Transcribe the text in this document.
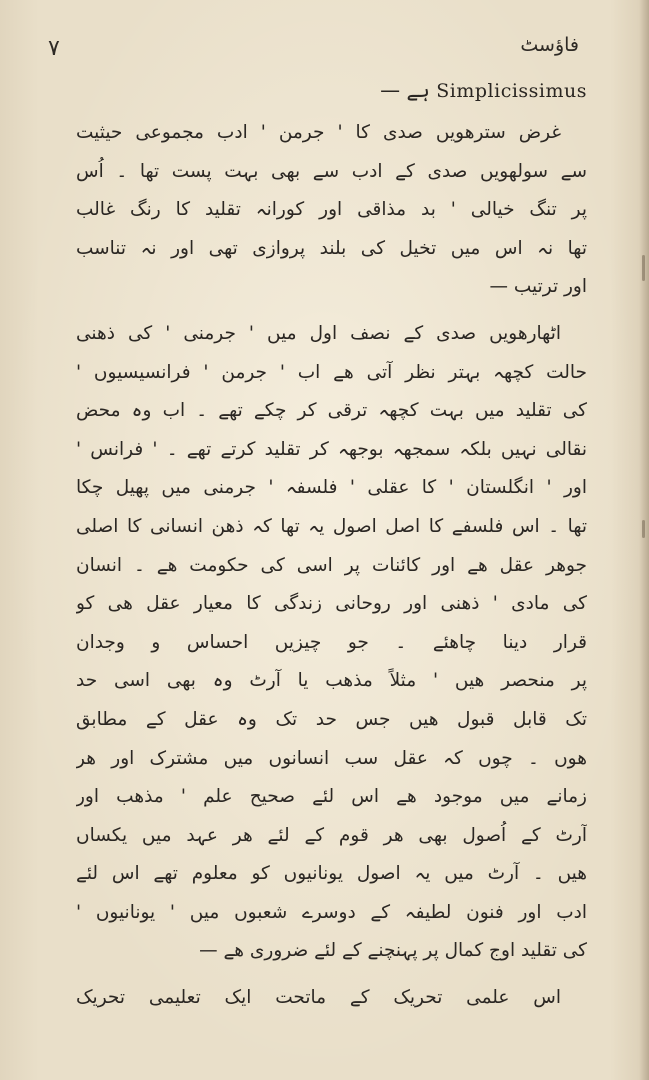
۷	فاؤسٹ
Simplicissimus ہے —
غرض سترھویں صدی کا ' جرمن ' ادب مجموعی حیثیت
سے سولھویں صدی کے ادب سے بھی بہت پست تھا ۔ اُس
پر تنگ خیالی ' بد مذاقی اور کورانہ تقلید کا رنگ غالب
تھا نہ اس میں تخیل کی بلند پروازی تھی اور نہ تناسب
اور ترتیب —
اٹھارھویں صدی کے نصف اول میں ' جرمنی ' کی ذھنی
حالت کچھہ بہتر نظر آتی ھے اب ' جرمن ' فرانسیسیوں '
کی تقلید میں بہت کچھہ ترقی کر چکے تھے ۔ اب وہ محض
نقالی نہیں بلکہ سمجھہ بوجھہ کر تقلید کرتے تھے ۔ ' فرانس '
اور ' انگلستان ' کا عقلی ' فلسفہ ' جرمنی میں پھیل چکا
تھا ۔ اس فلسفے کا اصل اصول یہ تھا کہ ذھن انسانی کا اصلی
جوھر عقل ھے اور کائنات پر اسی کی حکومت ھے ۔ انسان
کی مادی ' ذھنی اور روحانی زندگی کا معیار عقل ھی کو
قرار دینا چاھئے ۔ جو چیزیں احساس و وجدان
پر منحصر ھیں ' مثلاً مذھب یا آرٹ وہ بھی اسی حد
تک قابل قبول ھیں جس حد تک وہ عقل کے مطابق
ھوں ۔ چوں کہ عقل سب انسانوں میں مشترک اور ھر
زمانے میں موجود ھے اس لئے صحیح علم ' مذھب اور
آرٹ کے اُصول بھی ھر قوم کے لئے ھر عہد میں یکساں
ھیں ۔ آرٹ میں یہ اصول یونانیوں کو معلوم تھے اس لئے
ادب اور فنون لطیفہ کے دوسرے شعبوں میں ' یونانیوں '
کی تقلید اوج کمال پر پہنچنے کے لئے ضروری ھے —
اس علمی تحریک کے ماتحت ایک تعلیمی تحریک
